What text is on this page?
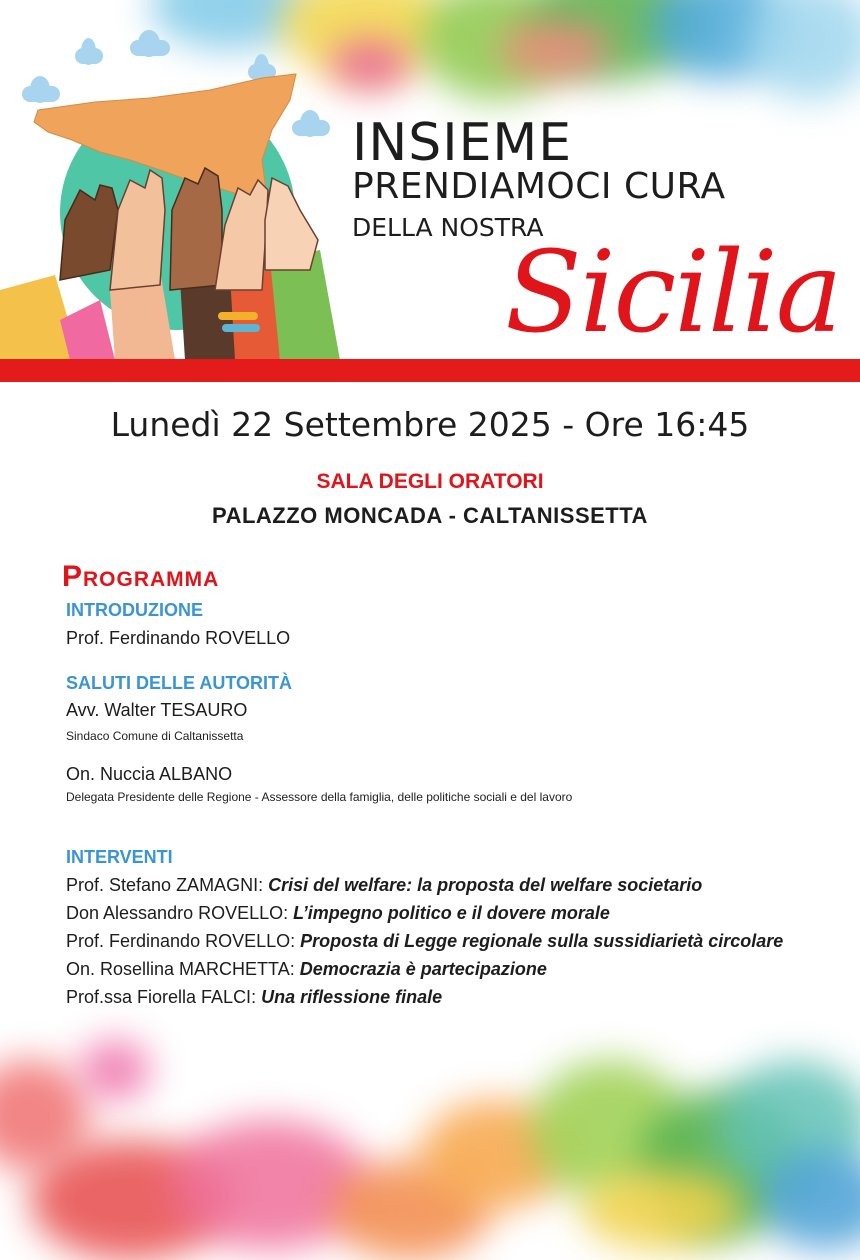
INSIEME
PRENDIAMOCI CURA
DELLA NOSTRA
Sicilia
Lunedì 22 Settembre 2025 - Ore 16:45
SALA DEGLI ORATORI
PALAZZO MONCADA - CALTANISSETTA
Programma
INTRODUZIONE
Prof. Ferdinando ROVELLO
SALUTI DELLE AUTORITÀ
Avv. Walter TESAURO
Sindaco Comune di Caltanissetta
On. Nuccia ALBANO
Delegata Presidente delle Regione - Assessore della famiglia, delle politiche sociali e del lavoro
INTERVENTI
Prof. Stefano ZAMAGNI: Crisi del welfare: la proposta del welfare societario
Don Alessandro ROVELLO: L’impegno politico e il dovere morale
Prof. Ferdinando ROVELLO: Proposta di Legge regionale sulla sussidiarietà circolare
On. Rosellina MARCHETTA: Democrazia è partecipazione
Prof.ssa Fiorella FALCI: Una riflessione finale
